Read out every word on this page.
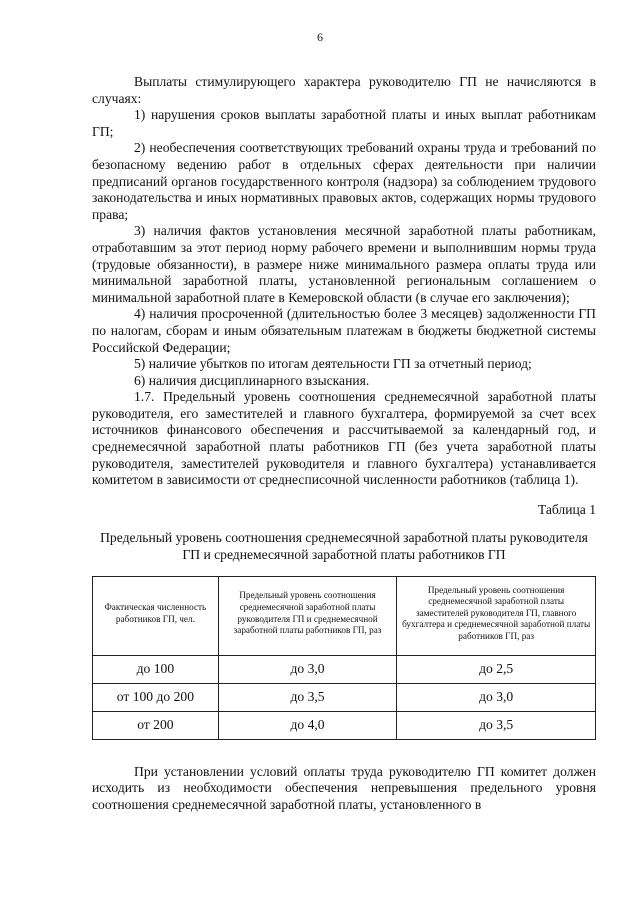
6

Выплаты стимулирующего характера руководителю ГП не начисляются в случаях:

1) нарушения сроков выплаты заработной платы и иных выплат работникам ГП;

2) необеспечения соответствующих требований охраны труда и требований по безопасному ведению работ в отдельных сферах деятельности при наличии предписаний органов государственного контроля (надзора) за соблюдением трудового законодательства и иных нормативных правовых актов, содержащих нормы трудового права;

3) наличия фактов установления месячной заработной платы работникам, отработавшим за этот период норму рабочего времени и выполнившим нормы труда (трудовые обязанности), в размере ниже минимального размера оплаты труда или минимальной заработной платы, установленной региональным соглашением о минимальной заработной плате в Кемеровской области (в случае его заключения);

4) наличия просроченной (длительностью более 3 месяцев) задолженности ГП по налогам, сборам и иным обязательным платежам в бюджеты бюджетной системы Российской Федерации;

5) наличие убытков по итогам деятельности ГП за отчетный период;

6) наличия дисциплинарного взыскания.

1.7. Предельный уровень соотношения среднемесячной заработной платы руководителя, его заместителей и главного бухгалтера, формируемой за счет всех источников финансового обеспечения и рассчитываемой за календарный год, и среднемесячной заработной платы работников ГП (без учета заработной платы руководителя, заместителей руководителя и главного бухгалтера) устанавливается комитетом в зависимости от среднесписочной численности работников (таблица 1).

Таблица 1
Предельный уровень соотношения среднемесячной заработной платы руководителя ГП и среднемесячной заработной платы работников ГП
Фактическая численность работников ГП, чел.	Предельный уровень соотношения среднемесячной заработной платы руководителя ГП и среднемесячной заработной платы работников ГП, раз	Предельный уровень соотношения среднемесячной заработной платы заместителей руководителя ГП, главного бухгалтера и среднемесячной заработной платы работников ГП, раз
до 100	до 3,0	до 2,5
от 100 до 200	до 3,5	до 3,0
от 200	до 4,0	до 3,5

При установлении условий оплаты труда руководителю ГП комитет должен исходить из необходимости обеспечения непревышения предельного уровня соотношения среднемесячной заработной платы, установленного в
